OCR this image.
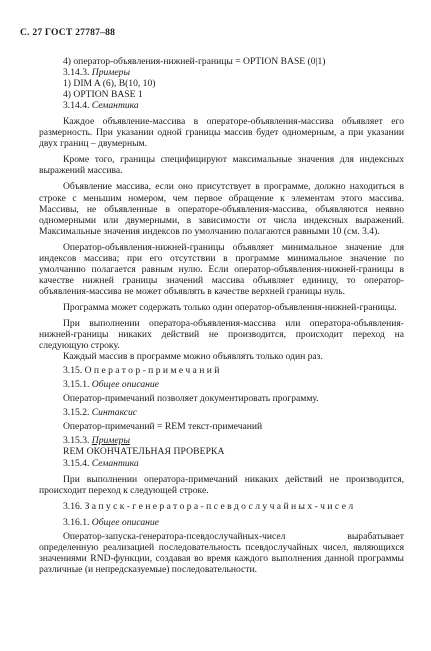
С. 27 ГОСТ 27787–88
4) оператор-объявления-нижней-границы = OPTION BASE (0|1)
3.14.3. Примеры
1) DIM A (6), B(10, 10)
4) OPTION BASE 1
3.14.4. Семантика

Каждое объявление-массива в операторе-объявления-массива объявляет его размерность. При указании одной границы массив будет одномерным, а при указании двух границ – двумерным.

Кроме того, границы специфицируют максимальные значения для индексных выражений массива.

Объявление массива, если оно присутствует в программе, должно находиться в строке с меньшим номером, чем первое обращение к элементам этого массива. Массивы, не объявленные в операторе-объявления-массива, объявляются неявно одномерными или двумерными, в зависимости от числа индексных выражений. Максимальные значения индексов по умолчанию полагаются равными 10 (см. 3.4).

Оператор-объявления-нижней-границы объявляет минимальное значение для индексов массива; при его отсутствии в программе минимальное значение по умолчанию полагается равным нулю. Если оператор-объявления-нижней-границы в качестве нижней границы значений массива объявляет единицу, то оператор-объявления-массива не может объявлять в качестве верхней границы нуль.

Программа может содержать только один оператор-объявления-нижней-границы.

При выполнении оператора-объявления-массива или оператора-объявления-нижней-границы никаких действий не производится, происходит переход на следующую строку.

Каждый массив в программе можно объявлять только один раз.

3.15. Оператор-примечаний
3.15.1. Общее описание
Оператор-примечаний позволяет документировать программу.
3.15.2. Синтаксис
Оператор-примечаний = REM текст-примечаний
3.15.3. Примеры
REM ОКОНЧАТЕЛЬНАЯ ПРОВЕРКА
3.15.4. Семантика

При выполнении оператора-примечаний никаких действий не производится, происходит переход к следующей строке.

3.16. Запуск-генератора-псевдослучайных-чисел
3.16.1. Общее описание

Оператор-запуска-генератора-псевдослучайных-чисел вырабатывает определенную реализацией последовательность псевдослучайных чисел, являющихся значениями RND-функции, создавая во время каждого выполнения данной программы различные (и непредсказуемые) последовательности.
